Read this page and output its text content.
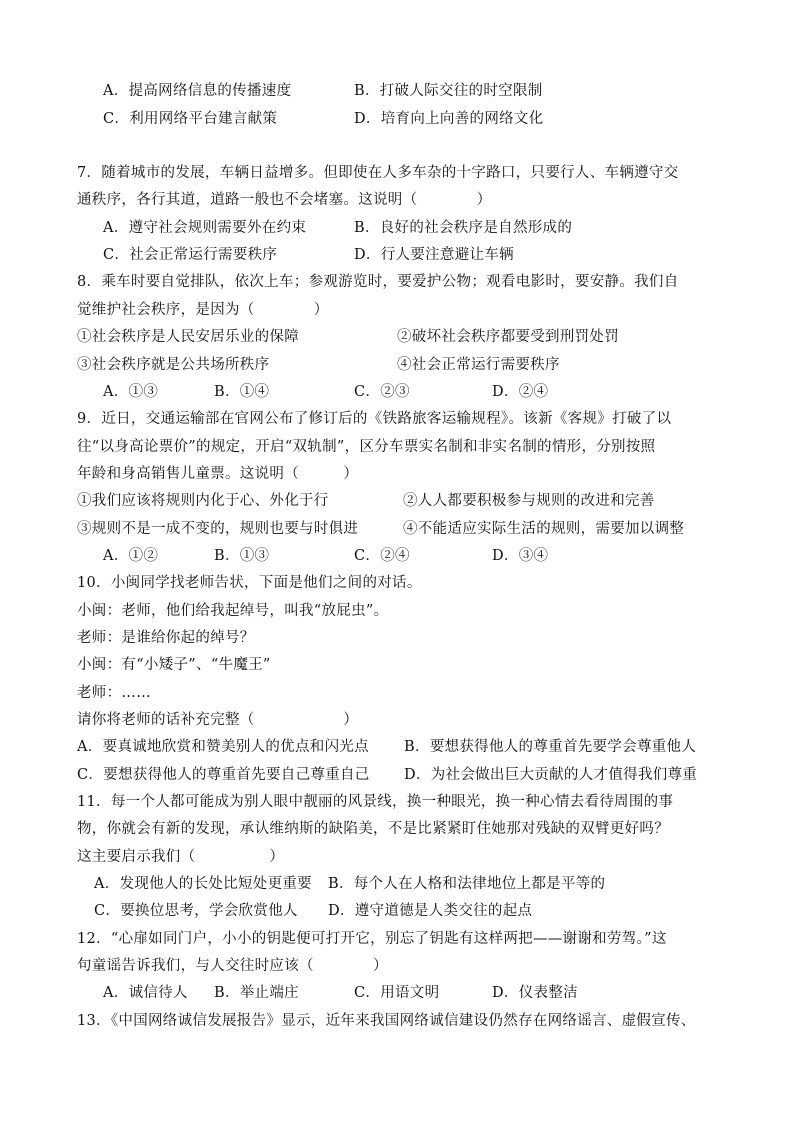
A．提高网络信息的传播速度	B．打破人际交往的时空限制
C．利用网络平台建言献策	D．培育向上向善的网络文化
7．随着城市的发展，车辆日益增多。但即使在人多车杂的十字路口，只要行人、车辆遵守交
通秩序，各行其道，道路一般也不会堵塞。这说明（　　　　）
A．遵守社会规则需要外在约束	B．良好的社会秩序是自然形成的
C．社会正常运行需要秩序	D．行人要注意避让车辆
8．乘车时要自觉排队，依次上车；参观游览时，要爱护公物；观看电影时，要安静。我们自
觉维护社会秩序，是因为（　　　　）
①社会秩序是人民安居乐业的保障	②破坏社会秩序都要受到刑罚处罚
③社会秩序就是公共场所秩序	④社会正常运行需要秩序
A．①③	B．①④	C．②③	D．②④
9．近日，交通运输部在官网公布了修订后的《铁路旅客运输规程》。该新《客规》打破了以
往“以身高论票价”的规定，开启“双轨制”，区分车票实名制和非实名制的情形，分别按照
年龄和身高销售儿童票。这说明（　　　）
①我们应该将规则内化于心、外化于行	②人人都要积极参与规则的改进和完善
③规则不是一成不变的，规则也要与时俱进	④不能适应实际生活的规则，需要加以调整
A．①②	B．①③	C．②④	D．③④
10．小闽同学找老师告状，下面是他们之间的对话。
小闽：老师，他们给我起绰号，叫我“放屁虫”。
老师：是谁给你起的绰号？
小闽：有“小矮子”、“牛魔王”
老师：……
请你将老师的话补充完整（　　　　　　）
A．要真诚地欣赏和赞美别人的优点和闪光点 B．要想获得他人的尊重首先要学会尊重他人
C．要想获得他人的尊重首先要自己尊重自己 D．为社会做出巨大贡献的人才值得我们尊重
11．每一个人都可能成为别人眼中靓丽的风景线，换一种眼光，换一种心情去看待周围的事
物，你就会有新的发现，承认维纳斯的缺陷美，不是比紧紧盯住她那对残缺的双臂更好吗？
这主要启示我们（　　　　　）
A．发现他人的长处比短处更重要 B．每个人在人格和法律地位上都是平等的
C．要换位思考，学会欣赏他人 D．遵守道德是人类交往的起点
12．“心扉如同门户，小小的钥匙便可打开它，别忘了钥匙有这样两把——谢谢和劳驾。”这
句童谣告诉我们，与人交往时应该（　　　　）
A．诚信待人 B．举止端庄	C．用语文明	D．仪表整洁
13．《中国网络诚信发展报告》显示，近年来我国网络诚信建设仍然存在网络谣言、虚假宣传、
